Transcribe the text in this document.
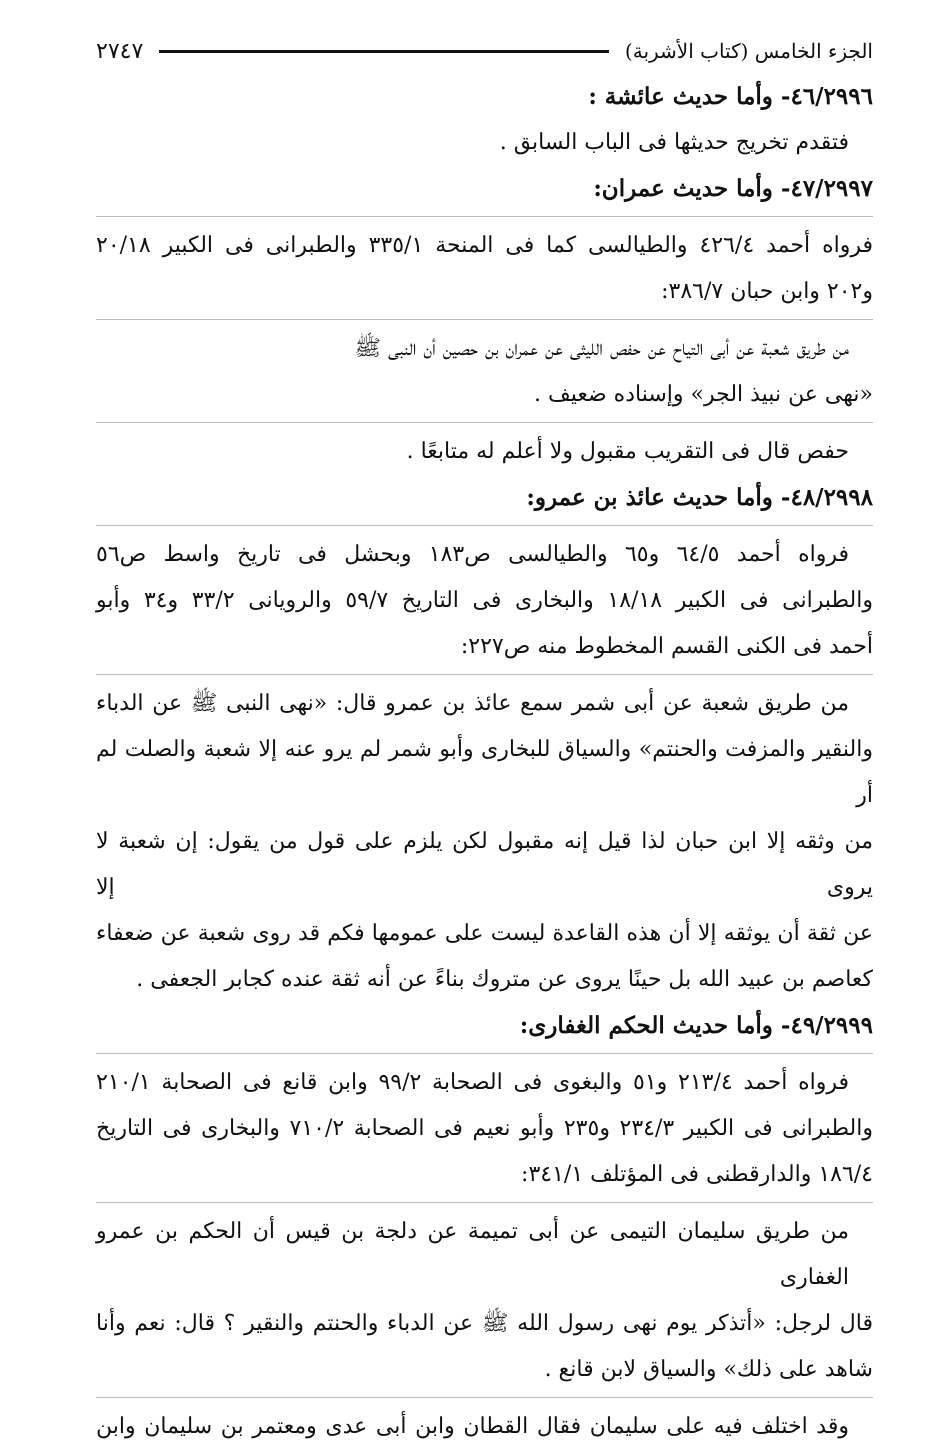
الجزء الخامس (كتاب الأشربة)
٢٧٤٧

٤٦/٢٩٩٦- وأما حديث عائشة :

فتقدم تخريج حديثها فى الباب السابق .

٤٧/٢٩٩٧- وأما حديث عمران:

فرواه أحمد ٤٢٦/٤ والطيالسى كما فى المنحة ٣٣٥/١ والطبرانى فى الكبير ٢٠/١٨

و٢٠٢ وابن حبان ٣٨٦/٧:

من طريق شعبة عن أبى التياح عن حفص الليثى عن عمران بن حصين أن النبى ﷺ

«نهى عن نبيذ الجر» وإسناده ضعيف .

حفص قال فى التقريب مقبول ولا أعلم له متابعًا .

٤٨/٢٩٩٨- وأما حديث عائذ بن عمرو:

فرواه أحمد ٦٤/٥ و٦٥ والطيالسى ص١٨٣ وبحشل فى تاريخ واسط ص٥٦

والطبرانى فى الكبير ١٨/١٨ والبخارى فى التاريخ ٥٩/٧ والرويانى ٣٣/٢ و٣٤ وأبو

أحمد فى الكنى القسم المخطوط منه ص٢٢٧:

من طريق شعبة عن أبى شمر سمع عائذ بن عمرو قال: «نهى النبى ﷺ عن الدباء

والنقير والمزفت والحنتم» والسياق للبخارى وأبو شمر لم يرو عنه إلا شعبة والصلت لم أر

من وثقه إلا ابن حبان لذا قيل إنه مقبول لكن يلزم على قول من يقول: إن شعبة لا يروى إلا

عن ثقة أن يوثقه إلا أن هذه القاعدة ليست على عمومها فكم قد روى شعبة عن ضعفاء

كعاصم بن عبيد الله بل حينًا يروى عن متروك بناءً عن أنه ثقة عنده كجابر الجعفى .

٤٩/٢٩٩٩- وأما حديث الحكم الغفارى:

فرواه أحمد ٢١٣/٤ و٥١ والبغوى فى الصحابة ٩٩/٢ وابن قانع فى الصحابة ٢١٠/١

والطبرانى فى الكبير ٢٣٤/٣ و٢٣٥ وأبو نعيم فى الصحابة ٧١٠/٢ والبخارى فى التاريخ

١٨٦/٤ والدارقطنى فى المؤتلف ٣٤١/١:

من طريق سليمان التيمى عن أبى تميمة عن دلجة بن قيس أن الحكم بن عمرو الغفارى

قال لرجل: «أتذكر يوم نهى رسول الله ﷺ عن الدباء والحنتم والنقير ؟ قال: نعم وأنا

شاهد على ذلك» والسياق لابن قانع .

وقد اختلف فيه على سليمان فقال القطان وابن أبى عدى ومعتمر بن سليمان وابن
